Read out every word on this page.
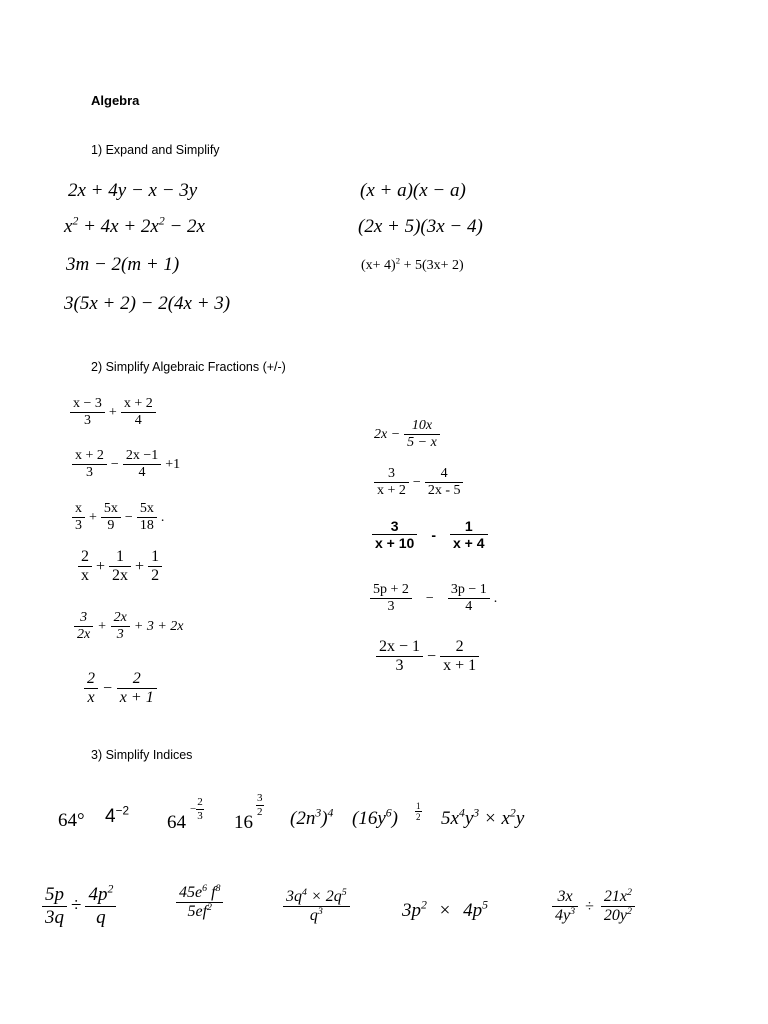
Algebra
1) Expand and Simplify
2) Simplify Algebraic Fractions (+/-)
3) Simplify Indices
2x + 4y − x − 3y
$x^2 + 4x + 2x^2 - 2x$
3m − 2(m + 1)
3(5x + 2) − 2(4x + 3)
(x + a)(x − a)
(2x + 5)(3x − 4)
$(x+ 4)^2 + 5(3x+ 2)$
$\frac{x - 3}{3} + \frac{x + 2}{4}$
$\frac{x + 2}{3} - \frac{2x -1}{4} +1$
$\frac{x}{3} + \frac{5x}{9} - \frac{5x}{18}$ .
$\frac{2}{x} + \frac{1}{2x} + \frac{1}{2}$
$\frac{3}{2x} + \frac{2x}{3} + 3 + 2x$
$\frac{2}{x} - \frac{2}{x + 1}$
$2x - \frac{10x}{5 - x}$
$\frac{3}{x + 2} - \frac{4}{2x - 5}$
$\frac{3}{x + 10}$	-	$\frac{1}{x + 4}$
$\frac{5p + 2}{3}$	−	$\frac{3p - 1}{4}$ .
$\frac{2x - 1}{3} - \frac{2}{x + 1}$
64° $4^{-2}$
64
− $\frac{2}{3}$
16
$\frac{3}{2}$
$(2n^3)^4$ $(16y^6) \frac{1}{2} 5x^4y^3 \times x^2y$
$\frac{5p}{3q} \div \frac{4p^2}{q}$	$\frac{45e^6 f^8}{5ef^2}$	$\frac{3q^4 \times 2q^5}{q^3}$	$3p^2 \times 4p^5$	$\frac{3x}{4y^3} \div \frac{21x^2}{20y^2}$
